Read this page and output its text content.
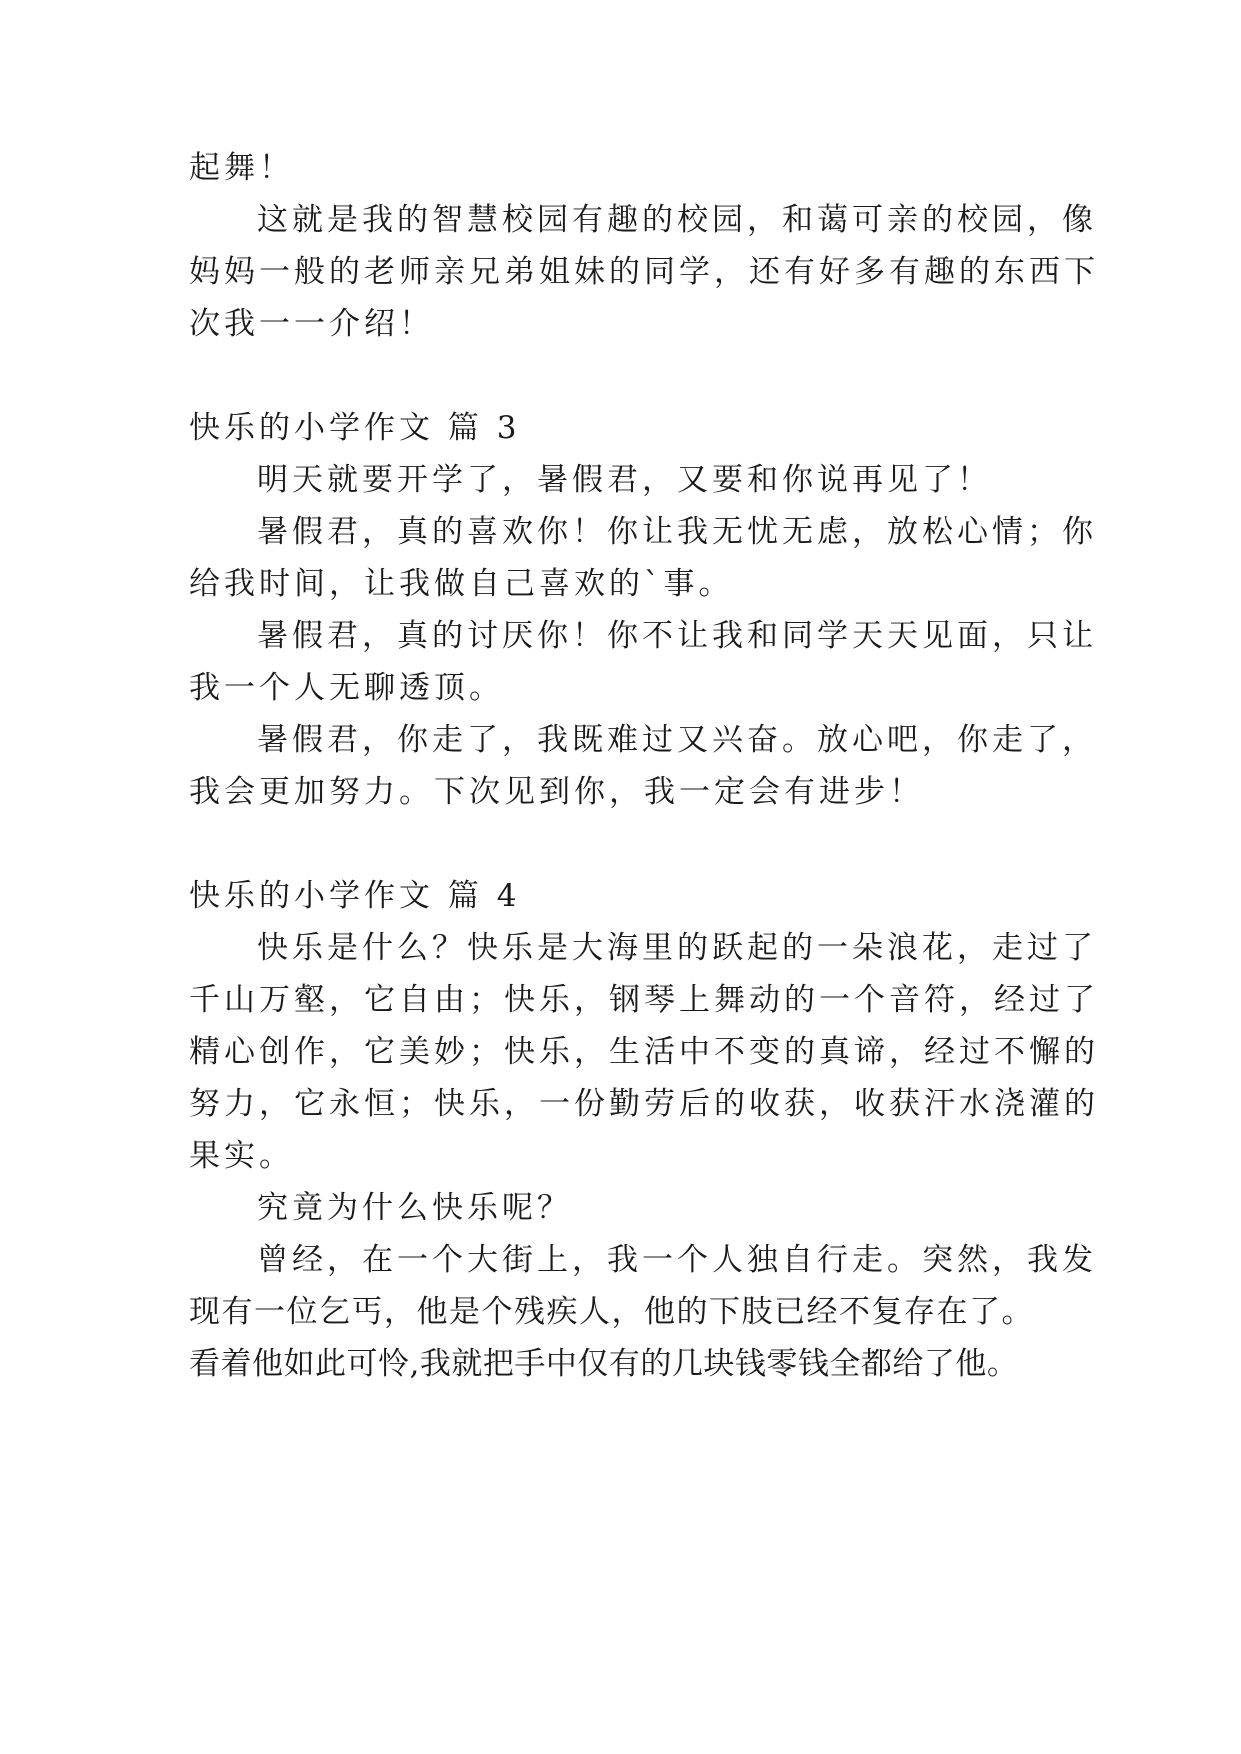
起舞！

这就是我的智慧校园有趣的校园，和蔼可亲的校园，像

妈妈一般的老师亲兄弟姐妹的同学，还有好多有趣的东西下

次我一一介绍！

快乐的小学作文 篇 3

明天就要开学了，暑假君，又要和你说再见了！

暑假君，真的喜欢你！你让我无忧无虑，放松心情；你

给我时间，让我做自己喜欢的`事。

暑假君，真的讨厌你！你不让我和同学天天见面，只让

我一个人无聊透顶。

暑假君，你走了，我既难过又兴奋。放心吧，你走了，

我会更加努力。下次见到你，我一定会有进步！

快乐的小学作文 篇 4

快乐是什么？快乐是大海里的跃起的一朵浪花，走过了

千山万壑，它自由；快乐，钢琴上舞动的一个音符，经过了

精心创作，它美妙；快乐，生活中不变的真谛，经过不懈的

努力，它永恒；快乐，一份勤劳后的收获，收获汗水浇灌的

果实。

究竟为什么快乐呢？

曾经，在一个大街上，我一个人独自行走。突然，我发

现有一位乞丐，他是个残疾人，他的下肢已经不复存在了。

看着他如此可怜,我就把手中仅有的几块钱零钱全都给了他。
